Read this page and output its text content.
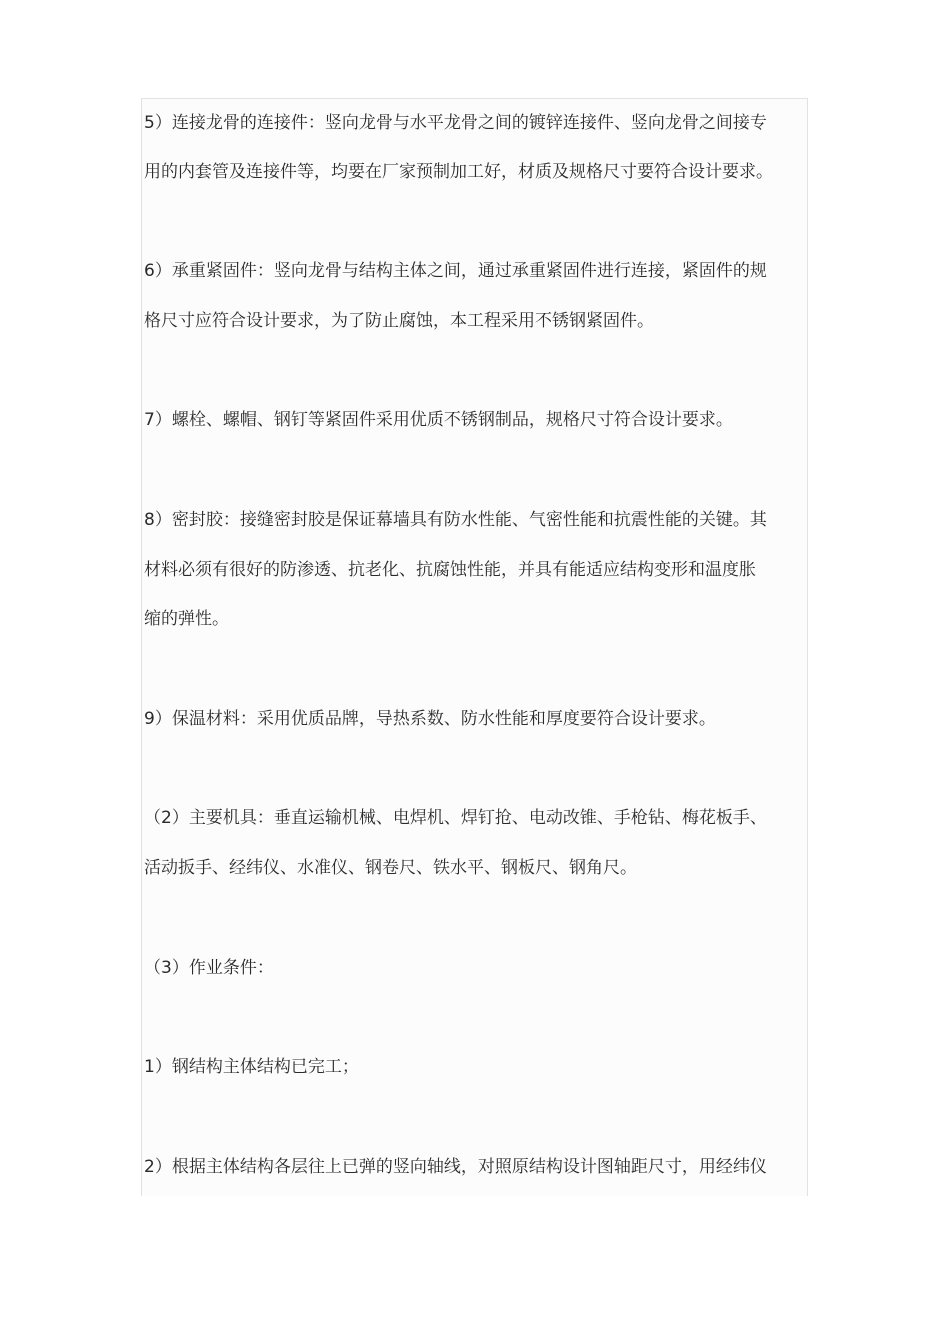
5）连接龙骨的连接件：竖向龙骨与水平龙骨之间的镀锌连接件、竖向龙骨之间接专
用的内套管及连接件等，均要在厂家预制加工好，材质及规格尺寸要符合设计要求。
6）承重紧固件：竖向龙骨与结构主体之间，通过承重紧固件进行连接，紧固件的规
格尺寸应符合设计要求，为了防止腐蚀，本工程采用不锈钢紧固件。
7）螺栓、螺帽、钢钉等紧固件采用优质不锈钢制品，规格尺寸符合设计要求。
8）密封胶：接缝密封胶是保证幕墙具有防水性能、气密性能和抗震性能的关键。其
材料必须有很好的防渗透、抗老化、抗腐蚀性能，并具有能适应结构变形和温度胀
缩的弹性。
9）保温材料：采用优质品牌，导热系数、防水性能和厚度要符合设计要求。
（2）主要机具：垂直运输机械、电焊机、焊钉抢、电动改锥、手枪钻、梅花板手、
活动扳手、经纬仪、水准仪、钢卷尺、铁水平、钢板尺、钢角尺。
（3）作业条件：
1）钢结构主体结构已完工；
2）根据主体结构各层往上已弹的竖向轴线，对照原结构设计图轴距尺寸，用经纬仪
